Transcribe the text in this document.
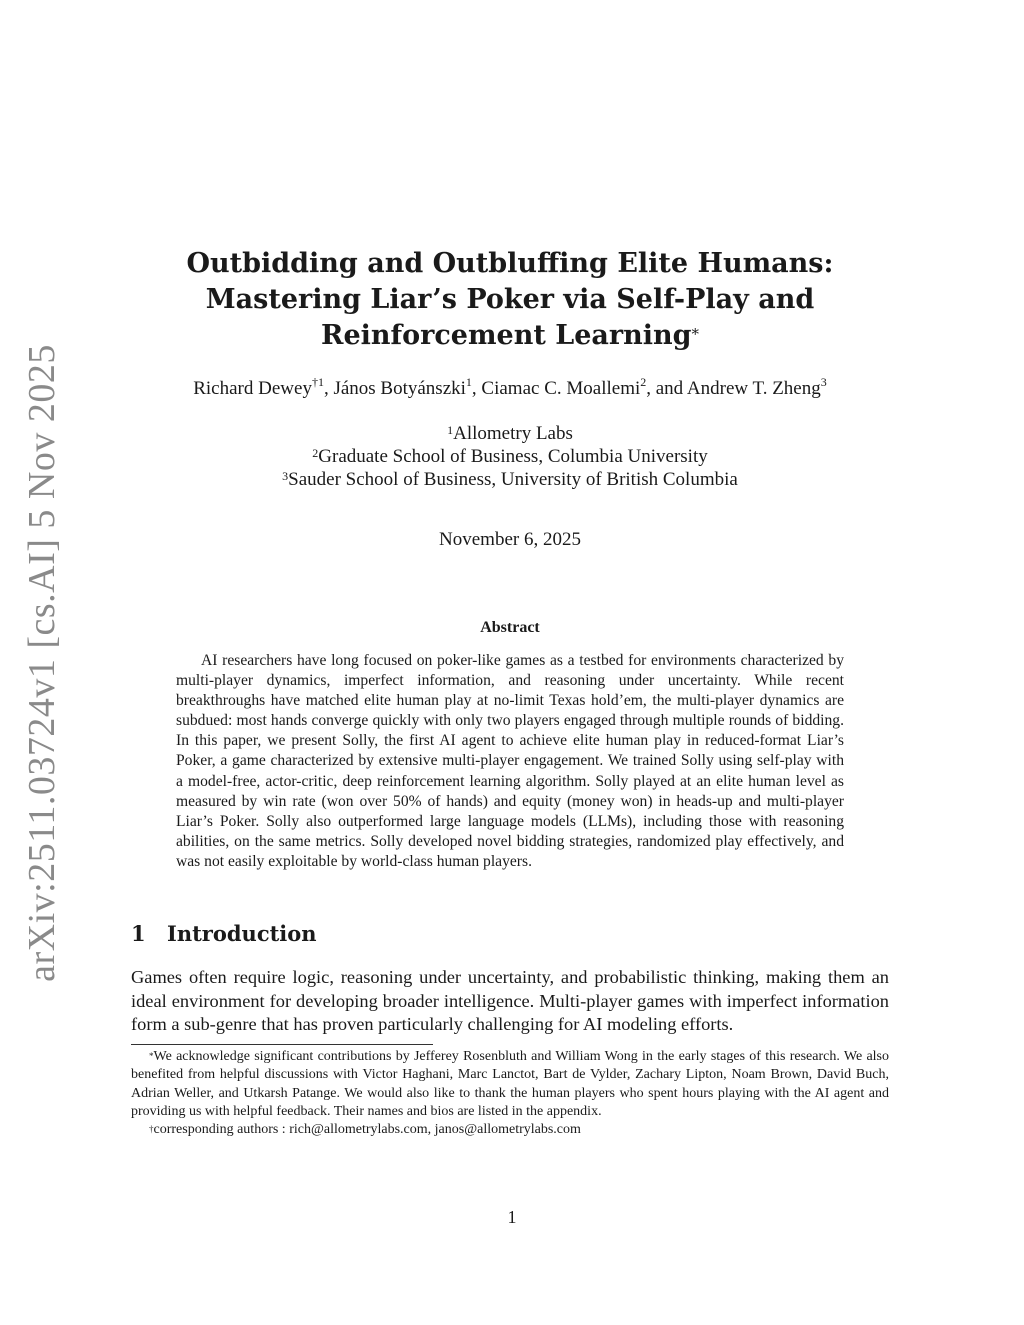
arXiv:2511.03724v1 [cs.AI] 5 Nov 2025
Outbidding and Outbluffing Elite Humans:
Mastering Liar’s Poker via Self-Play and
Reinforcement Learning*
Richard Dewey$^{\dagger 1}$, János Botyánszki$^1$, Ciamac C. Moallemi$^2$, and Andrew T. Zheng$^3$
$^1$Allometry Labs
$^2$Graduate School of Business, Columbia University
$^3$Sauder School of Business, University of British Columbia
November 6, 2025
Abstract
AI researchers have long focused on poker-like games as a testbed for environments characterized by multi-player dynamics, imperfect information, and reasoning under uncertainty. While recent breakthroughs have matched elite human play at no-limit Texas hold’em, the multi-player dynamics are subdued: most hands converge quickly with only two players engaged through multiple rounds of bidding. In this paper, we present Solly, the first AI agent to achieve elite human play in reduced-format Liar’s Poker, a game characterized by extensive multi-player engagement. We trained Solly using self-play with a model-free, actor-critic, deep reinforcement learning algorithm. Solly played at an elite human level as measured by win rate (won over 50% of hands) and equity (money won) in heads-up and multi-player Liar’s Poker. Solly also outperformed large language models (LLMs), including those with reasoning abilities, on the same metrics. Solly developed novel bidding strategies, randomized play effectively, and was not easily exploitable by world-class human players.
1 Introduction
Games often require logic, reasoning under uncertainty, and probabilistic thinking, making them an ideal environment for developing broader intelligence. Multi-player games with imperfect information form a sub-genre that has proven particularly challenging for AI modeling efforts.

*We acknowledge significant contributions by Jefferey Rosenbluth and William Wong in the early stages of this research. We also benefited from helpful discussions with Victor Haghani, Marc Lanctot, Bart de Vylder, Zachary Lipton, Noam Brown, David Buch, Adrian Weller, and Utkarsh Patange. We would also like to thank the human players who spent hours playing with the AI agent and providing us with helpful feedback. Their names and bios are listed in the appendix.

†corresponding authors : rich@allometrylabs.com, janos@allometrylabs.com

1
